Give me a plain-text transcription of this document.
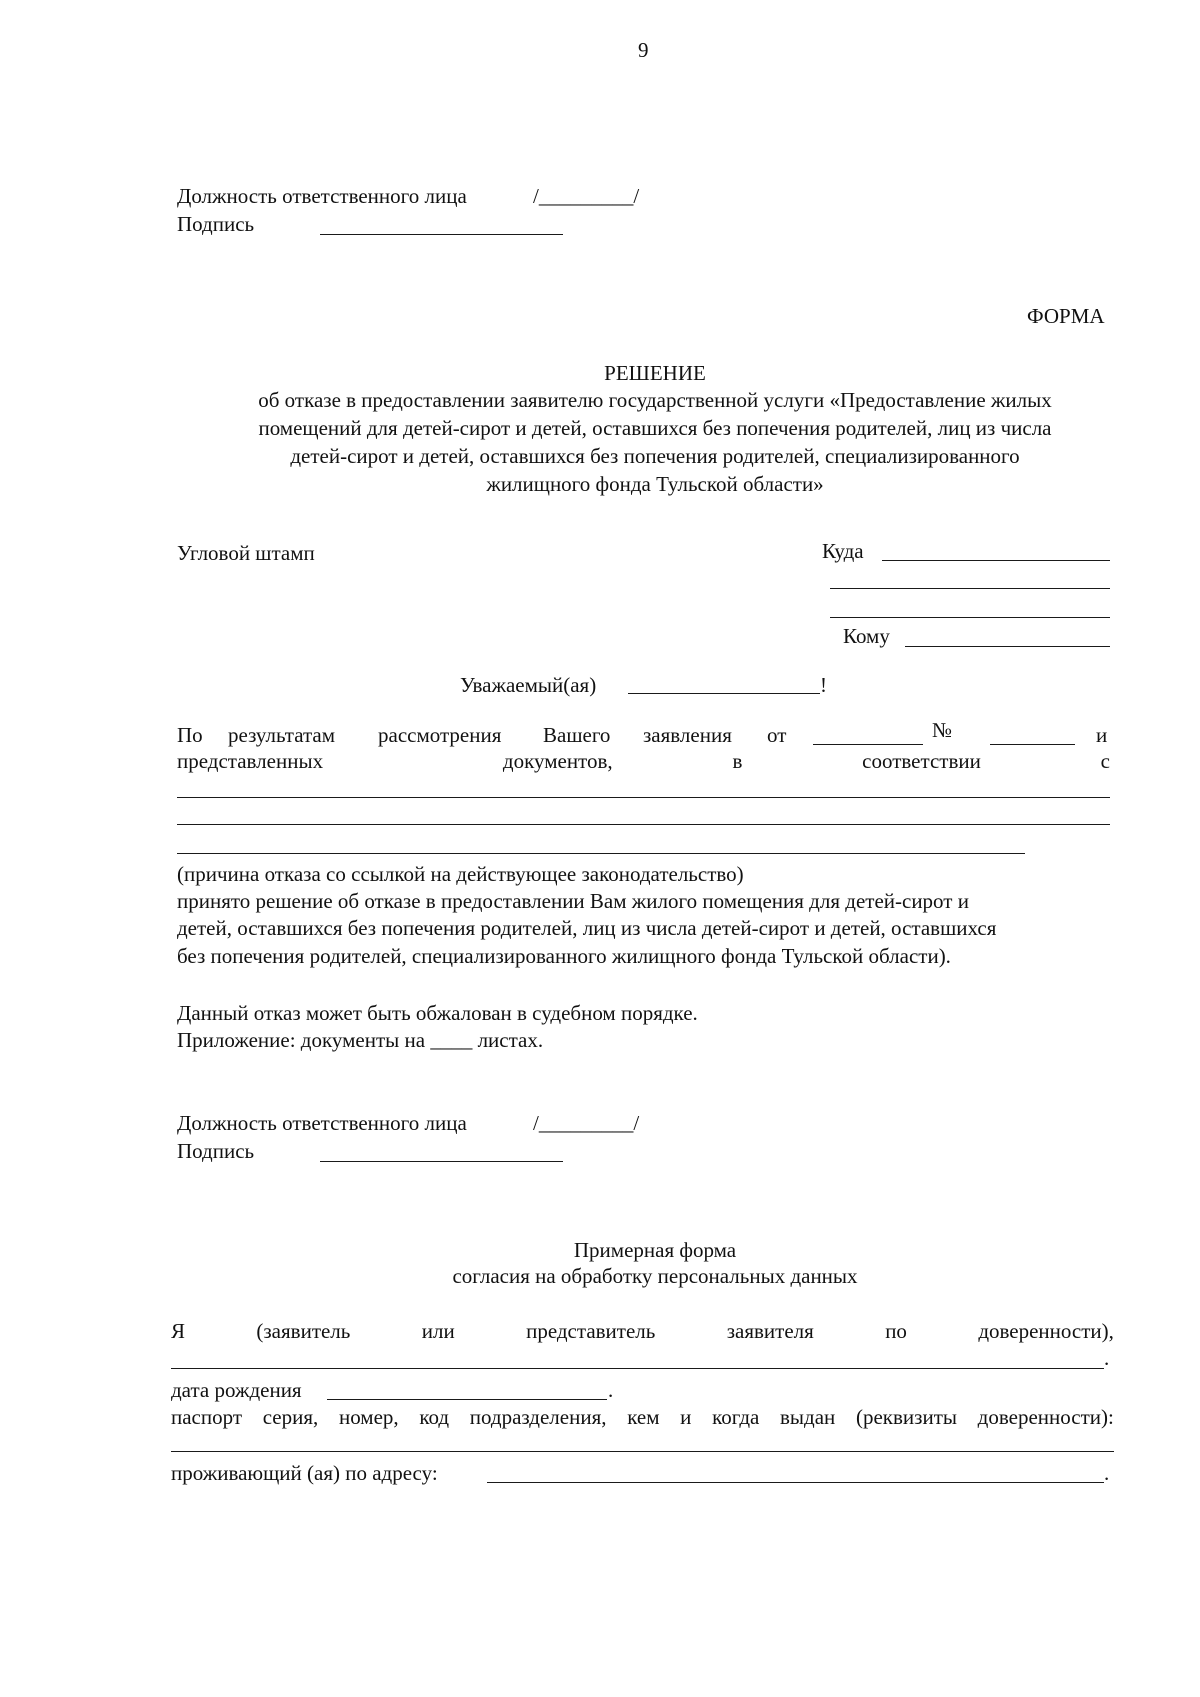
9
Должность ответственного лица	/_________/
Подпись
ФОРМА
РЕШЕНИЕ
об отказе в предоставлении заявителю государственной услуги «Предоставление жилых
помещений для детей-сирот и детей, оставшихся без попечения родителей, лиц из числа
детей-сирот и детей, оставшихся без попечения родителей, специализированного
жилищного фонда Тульской области»
Угловой штамп	Куда
Кому
Уважаемый(ая)	!
По результатам рассмотрения Вашего заявления от	№	и
представленных	документов,	в	соответствии	с
(причина отказа со ссылкой на действующее законодательство)
принято решение об отказе в предоставлении Вам жилого помещения для детей-сирот и
детей, оставшихся без попечения родителей, лиц из числа детей-сирот и детей, оставшихся
без попечения родителей, специализированного жилищного фонда Тульской области).
Данный отказ может быть обжалован в судебном порядке.
Приложение: документы на ____ листах.
Должность ответственного лица	/_________/
Подпись
Примерная форма
согласия на обработку персональных данных
Я	(заявитель	или	представитель	заявителя	по	доверенности),
.
дата рождения	.
паспорт серия, номер, код подразделения, кем и когда выдан (реквизиты доверенности):
проживающий (ая) по адресу:	.
